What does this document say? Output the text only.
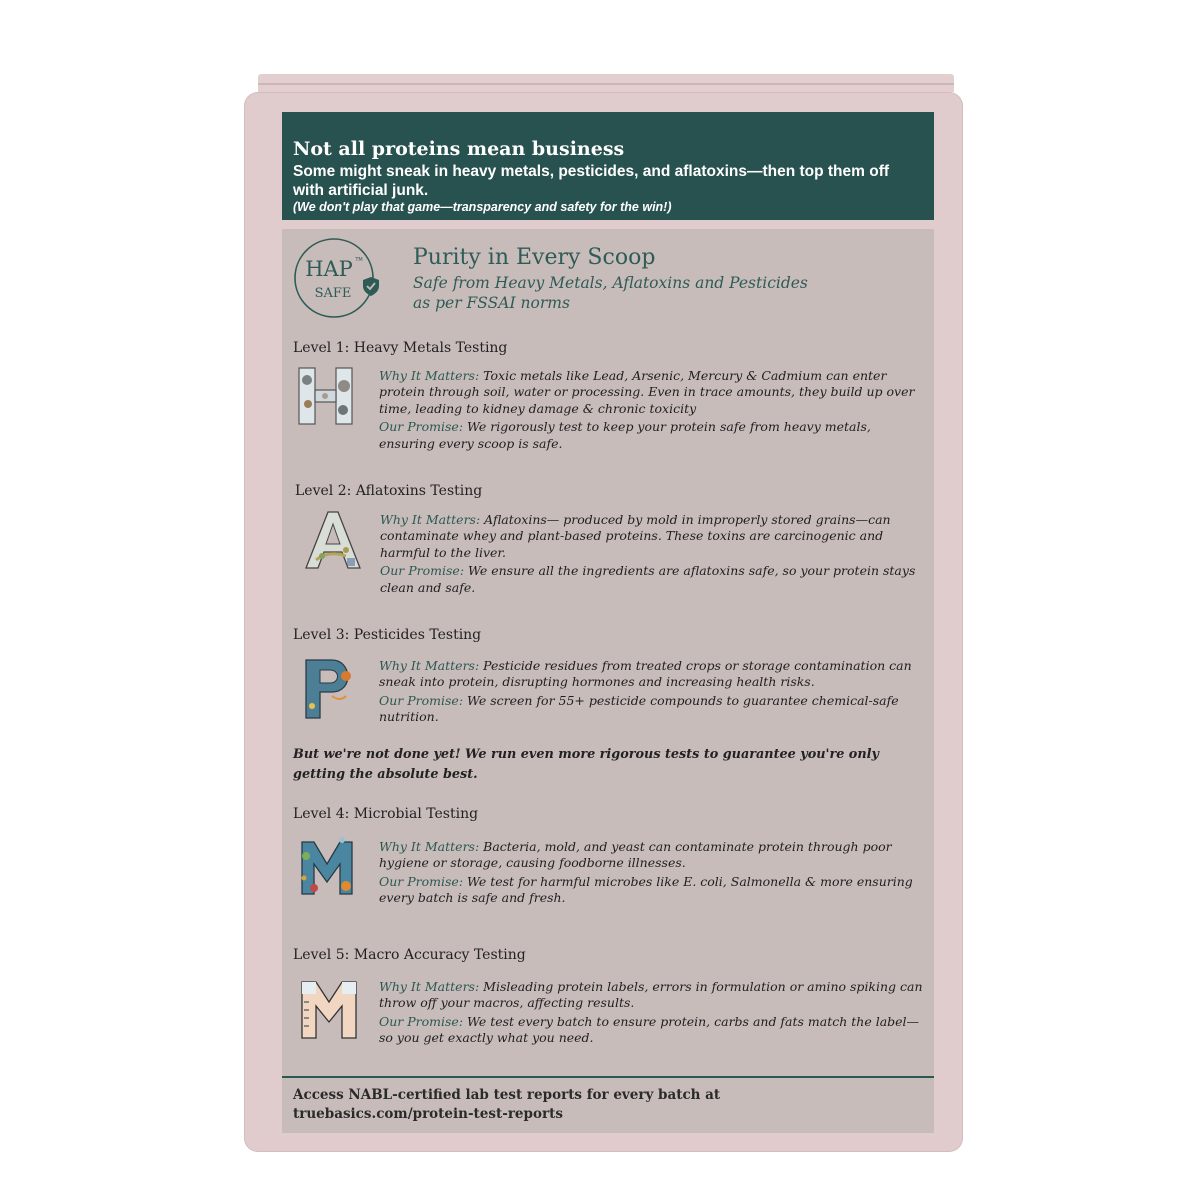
Not all proteins mean business
Some might sneak in heavy metals, pesticides, and aflatoxins—then top them off with artificial junk.
(We don't play that game—transparency and safety for the win!)
HAP TM
SAFE
Purity in Every Scoop
Safe from Heavy Metals, Aflatoxins and Pesticides
as per FSSAI norms
Level 1: Heavy Metals Testing

Why It Matters: Toxic metals like Lead, Arsenic, Mercury & Cadmium can enter protein through soil, water or processing. Even in trace amounts, they build up over time, leading to kidney damage & chronic toxicity

Our Promise: We rigorously test to keep your protein safe from heavy metals, ensuring every scoop is safe.

Level 2: Aflatoxins Testing

Why It Matters: Aflatoxins— produced by mold in improperly stored grains—can contaminate whey and plant-based proteins. These toxins are carcinogenic and harmful to the liver.

Our Promise: We ensure all the ingredients are aflatoxins safe, so your protein stays clean and safe.

Level 3: Pesticides Testing

Why It Matters: Pesticide residues from treated crops or storage contamination can sneak into protein, disrupting hormones and increasing health risks.

Our Promise: We screen for 55+ pesticide compounds to guarantee chemical-safe nutrition.

But we're not done yet! We run even more rigorous tests to guarantee you're only getting the absolute best.
Level 4: Microbial Testing

Why It Matters: Bacteria, mold, and yeast can contaminate protein through poor hygiene or storage, causing foodborne illnesses.

Our Promise: We test for harmful microbes like E. coli, Salmonella & more ensuring every batch is safe and fresh.

Level 5: Macro Accuracy Testing

Why It Matters: Misleading protein labels, errors in formulation or amino spiking can throw off your macros, affecting results.

Our Promise: We test every batch to ensure protein, carbs and fats match the label—so you get exactly what you need.

Access NABL-certified lab test reports for every batch at
truebasics.com/protein-test-reports
